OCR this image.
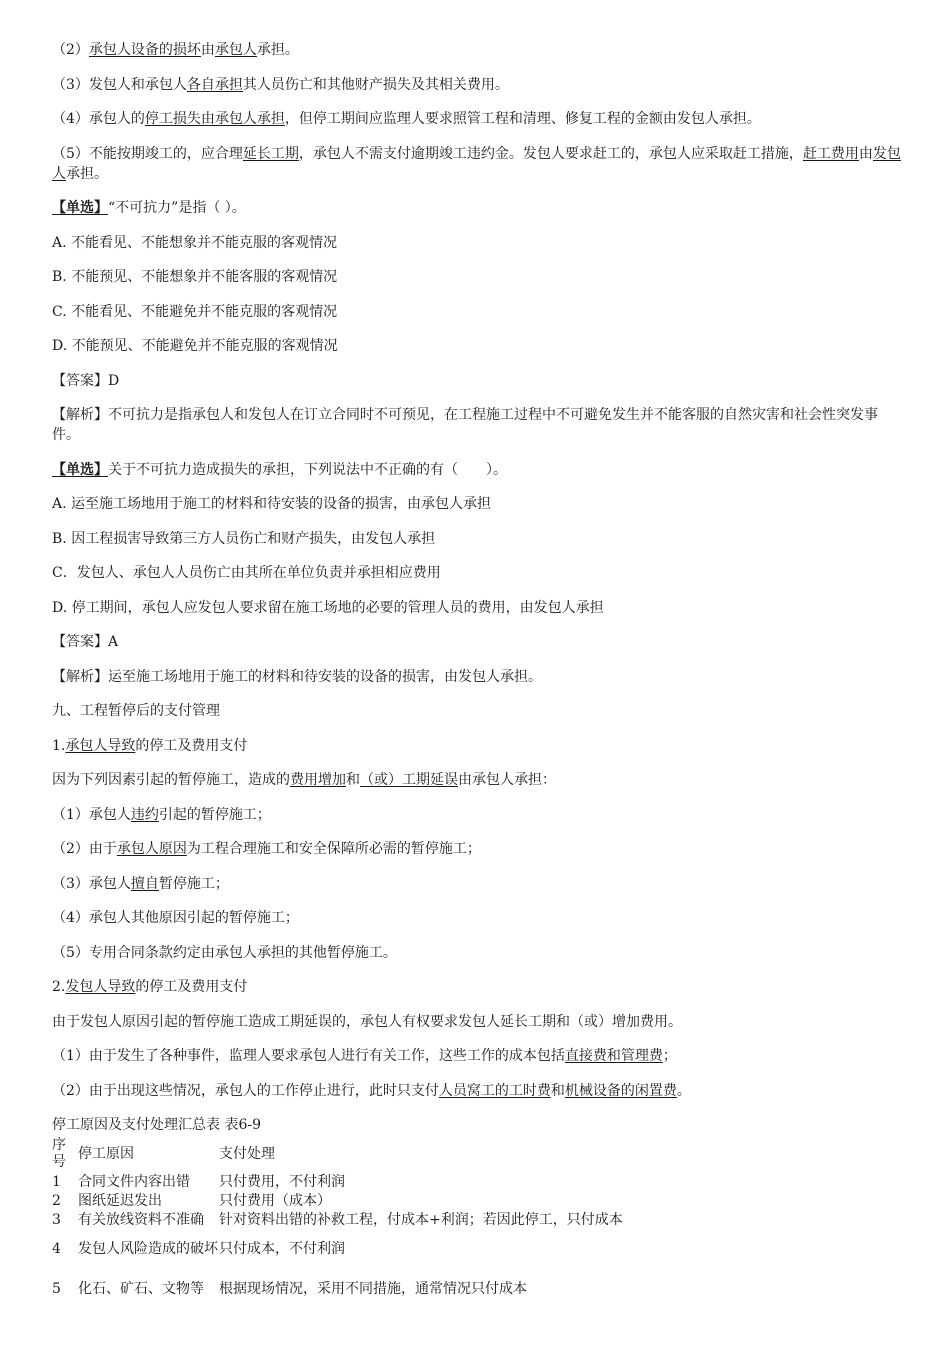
（2）承包人设备的损坏由承包人承担。

（3）发包人和承包人各自承担其人员伤亡和其他财产损失及其相关费用。

（4）承包人的停工损失由承包人承担，但停工期间应监理人要求照管工程和清理、修复工程的金额由发包人承担。

（5）不能按期竣工的，应合理延长工期，承包人不需支付逾期竣工违约金。发包人要求赶工的，承包人应采取赶工措施，赶工费用由发包人承担。

【单选】“不可抗力”是指（ ）。

A. 不能看见、不能想象并不能克服的客观情况

B. 不能预见、不能想象并不能客服的客观情况

C. 不能看见、不能避免并不能克服的客观情况

D. 不能预见、不能避免并不能克服的客观情况

【答案】D

【解析】不可抗力是指承包人和发包人在订立合同时不可预见，在工程施工过程中不可避免发生并不能客服的自然灾害和社会性突发事件。

【单选】关于不可抗力造成损失的承担，下列说法中不正确的有（　　）。

A. 运至施工场地用于施工的材料和待安装的设备的损害，由承包人承担

B. 因工程损害导致第三方人员伤亡和财产损失，由发包人承担

C．发包人、承包人人员伤亡由其所在单位负责并承担相应费用

D. 停工期间，承包人应发包人要求留在施工场地的必要的管理人员的费用，由发包人承担

【答案】A

【解析】运至施工场地用于施工的材料和待安装的设备的损害，由发包人承担。

九、工程暂停后的支付管理

1.承包人导致的停工及费用支付

因为下列因素引起的暂停施工，造成的费用增加和（或）工期延误由承包人承担：

（1）承包人违约引起的暂停施工；

（2）由于承包人原因为工程合理施工和安全保障所必需的暂停施工；

（3）承包人擅自暂停施工；

（4）承包人其他原因引起的暂停施工；

（5）专用合同条款约定由承包人承担的其他暂停施工。

2.发包人导致的停工及费用支付

由于发包人原因引起的暂停施工造成工期延误的，承包人有权要求发包人延长工期和（或）增加费用。

（1）由于发生了各种事件，监理人要求承包人进行有关工作，这些工作的成本包括直接费和管理费；

（2）由于出现这些情况，承包人的工作停止进行，此时只支付人员窝工的工时费和机械设备的闲置费。

停工原因及支付处理汇总表 表6-9

序号	停工原因	支付处理
1	合同文件内容出错	只付费用，不付利润
2	图纸延迟发出	只付费用（成本）
3	有关放线资料不准确	针对资料出错的补救工程，付成本+利润；若因此停工，只付成本
4	发包人风险造成的破坏	只付成本，不付利润
5	化石、矿石、文物等	根据现场情况，采用不同措施，通常情况只付成本
